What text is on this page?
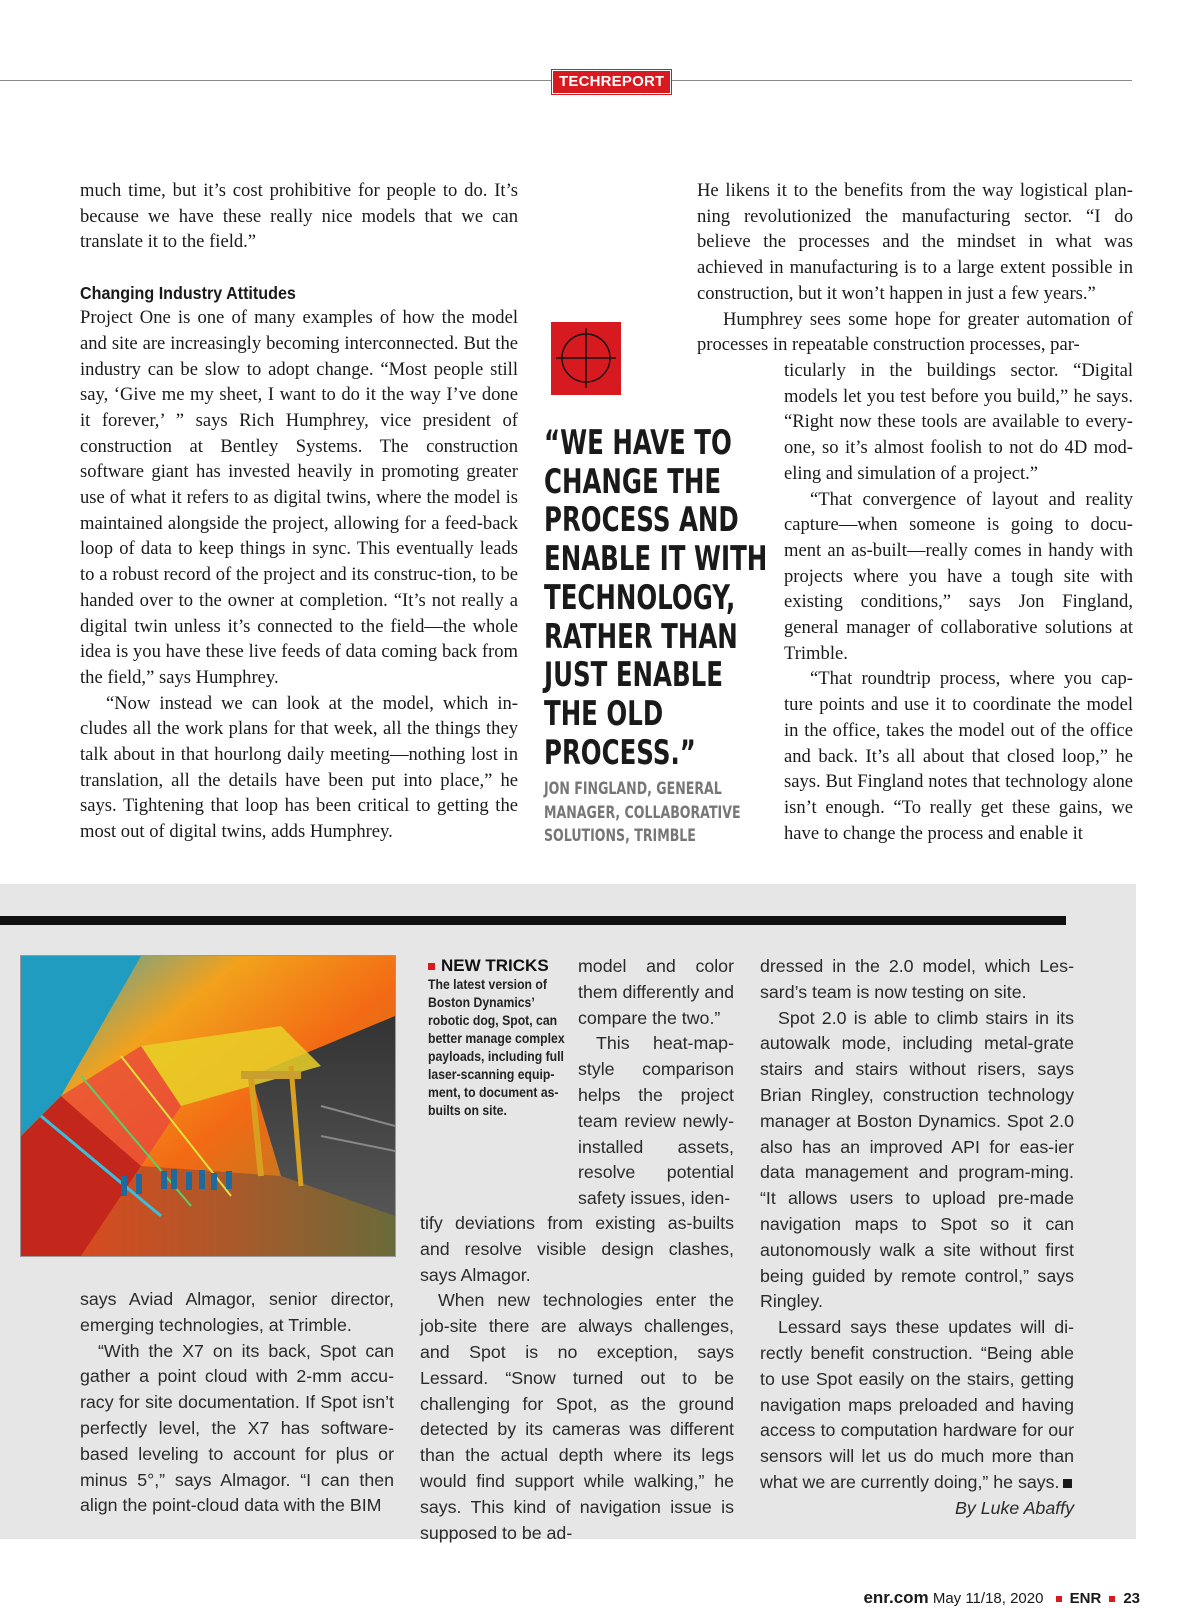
TECHREPORT

much time, but it’s cost prohibitive for people to do. It’s because we have these really nice models that we can translate it to the field.”

Changing Industry Attitudes

Project One is one of many examples of how the model and site are increasingly becoming interconnected. But the industry can be slow to adopt change. “Most people still say, ‘Give me my sheet, I want to do it the way I’ve done it forever,’ ” says Rich Humphrey, vice president of construction at Bentley Systems. The construction software giant has invested heavily in promoting greater use of what it refers to as digital twins, where the model is maintained alongside the project, allowing for a feed-back loop of data to keep things in sync. This eventually leads to a robust record of the project and its construc-tion, to be handed over to the owner at completion. “It’s not really a digital twin unless it’s connected to the field—the whole idea is you have these live feeds of data coming back from the field,” says Humphrey.

“Now instead we can look at the model, which in-cludes all the work plans for that week, all the things they talk about in that hourlong daily meeting—nothing lost in translation, all the details have been put into place,” he says. Tightening that loop has been critical to getting the most out of digital twins, adds Humphrey.

“WE HAVE TO CHANGE THE PROCESS AND ENABLE IT WITH TECHNOLOGY, RATHER THAN JUST ENABLE THE OLD PROCESS.”
JON FINGLAND, GENERAL MANAGER, COLLABORATIVE SOLUTIONS, TRIMBLE

He likens it to the benefits from the way logistical plan-ning revolutionized the manufacturing sector. “I do believe the processes and the mindset in what was achieved in manufacturing is to a large extent possible in construction, but it won’t happen in just a few years.”

Humphrey sees some hope for greater automation of processes in repeatable construction processes, par-

ticularly in the buildings sector. “Digital models let you test before you build,” he says. “Right now these tools are available to every-one, so it’s almost foolish to not do 4D mod-eling and simulation of a project.”

“That convergence of layout and reality capture—when someone is going to docu-ment an as-built—really comes in handy with projects where you have a tough site with existing conditions,” says Jon Fingland, general manager of collaborative solutions at Trimble.

“That roundtrip process, where you cap-ture points and use it to coordinate the model in the office, takes the model out of the office and back. It’s all about that closed loop,” he says. But Fingland notes that technology alone isn’t enough. “To really get these gains, we have to change the process and enable it

NEW TRICKS
The latest version of Boston Dynamics’ robotic dog, Spot, can better manage complex payloads, including full laser-scanning equip-ment, to document as-builts on site.

model and color them differently and compare the two.”

This heat-map-style comparison helps the project team review newly-installed assets, resolve potential safety issues, iden-

tify deviations from existing as-builts and resolve visible design clashes, says Almagor.

When new technologies enter the job-site there are always challenges, and Spot is no exception, says Lessard. “Snow turned out to be challenging for Spot, as the ground detected by its cameras was different than the actual depth where its legs would find support while walking,” he says. This kind of navigation issue is supposed to be ad-

says Aviad Almagor, senior director, emerging technologies, at Trimble.

“With the X7 on its back, Spot can gather a point cloud with 2-mm accu-racy for site documentation. If Spot isn’t perfectly level, the X7 has software-based leveling to account for plus or minus 5°,” says Almagor. “I can then align the point-cloud data with the BIM

dressed in the 2.0 model, which Les-sard’s team is now testing on site.

Spot 2.0 is able to climb stairs in its autowalk mode, including metal-grate stairs and stairs without risers, says Brian Ringley, construction technology manager at Boston Dynamics. Spot 2.0 also has an improved API for eas-ier data management and program-ming. “It allows users to upload pre-made navigation maps to Spot so it can autonomously walk a site without first being guided by remote control,” says Ringley.

Lessard says these updates will di-rectly benefit construction. “Being able to use Spot easily on the stairs, getting navigation maps preloaded and having access to computation hardware for our sensors will let us do much more than what we are currently doing,” he says.

By Luke Abaffy

enr.com May 11/18, 2020 ENR 23
